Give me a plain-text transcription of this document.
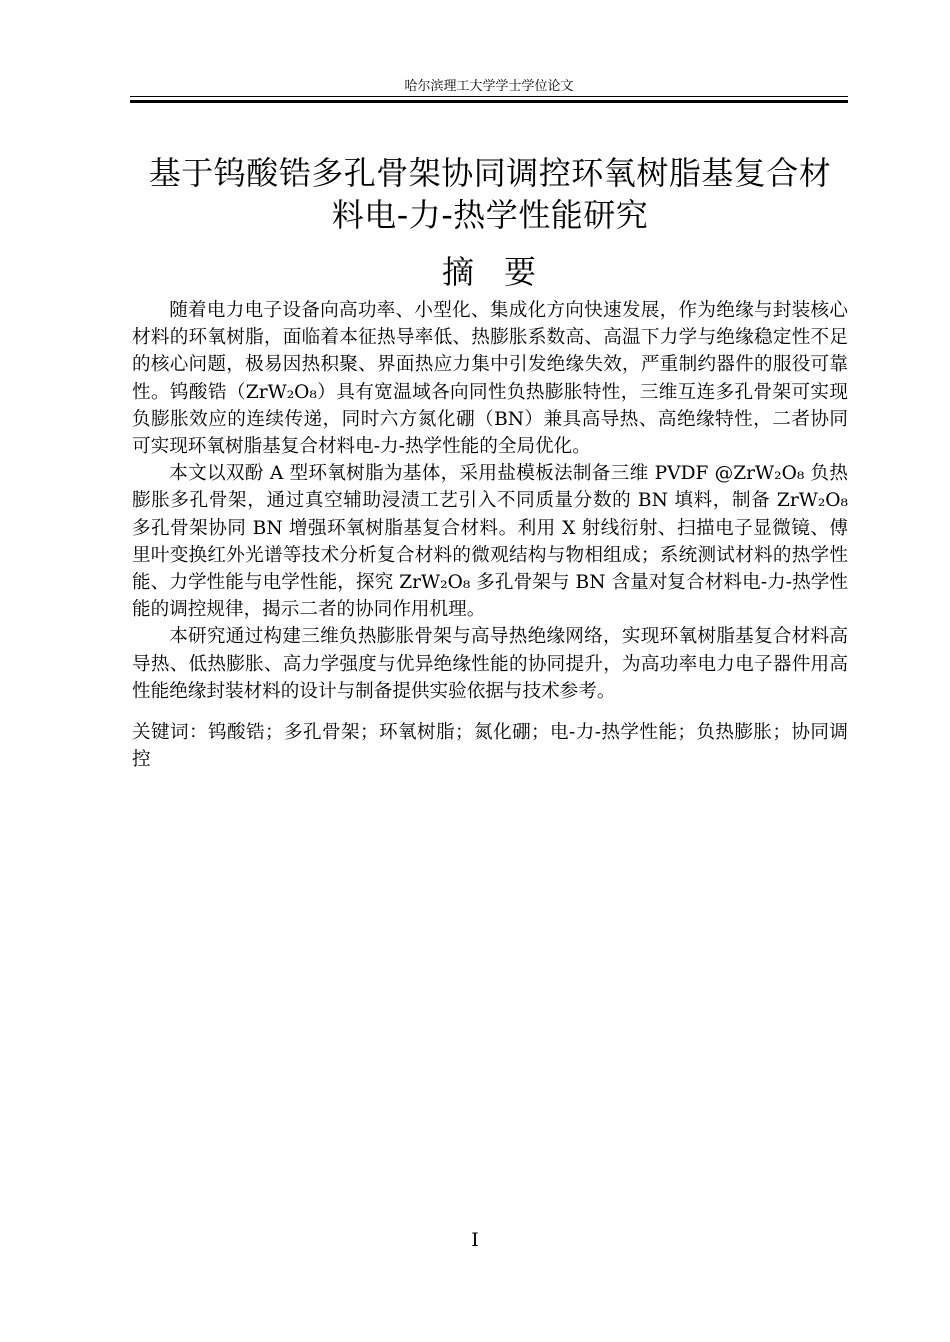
哈尔滨理工大学学士学位论文
基于钨酸锆多孔骨架协同调控环氧树脂基复合材
料电-力-热学性能研究
摘要

随着电力电子设备向高功率、小型化、集成化方向快速发展，作为绝缘与封装核心材料的环氧树脂，面临着本征热导率低、热膨胀系数高、高温下力学与绝缘稳定性不足的核心问题，极易因热积聚、界面热应力集中引发绝缘失效，严重制约器件的服役可靠性。钨酸锆（ZrW₂O₈）具有宽温域各向同性负热膨胀特性，三维互连多孔骨架可实现负膨胀效应的连续传递，同时六方氮化硼（BN）兼具高导热、高绝缘特性，二者协同可实现环氧树脂基复合材料电-力-热学性能的全局优化。

本文以双酚 A 型环氧树脂为基体，采用盐模板法制备三维 PVDF @ZrW₂O₈ 负热膨胀多孔骨架，通过真空辅助浸渍工艺引入不同质量分数的 BN 填料，制备 ZrW₂O₈ 多孔骨架协同 BN 增强环氧树脂基复合材料。利用 X 射线衍射、扫描电子显微镜、傅里叶变换红外光谱等技术分析复合材料的微观结构与物相组成；系统测试材料的热学性能、力学性能与电学性能，探究 ZrW₂O₈ 多孔骨架与 BN 含量对复合材料电-力-热学性能的调控规律，揭示二者的协同作用机理。

本研究通过构建三维负热膨胀骨架与高导热绝缘网络，实现环氧树脂基复合材料高导热、低热膨胀、高力学强度与优异绝缘性能的协同提升，为高功率电力电子器件用高性能绝缘封装材料的设计与制备提供实验依据与技术参考。

关键词：钨酸锆；多孔骨架；环氧树脂；氮化硼；电-力-热学性能；负热膨胀；协同调控
I
